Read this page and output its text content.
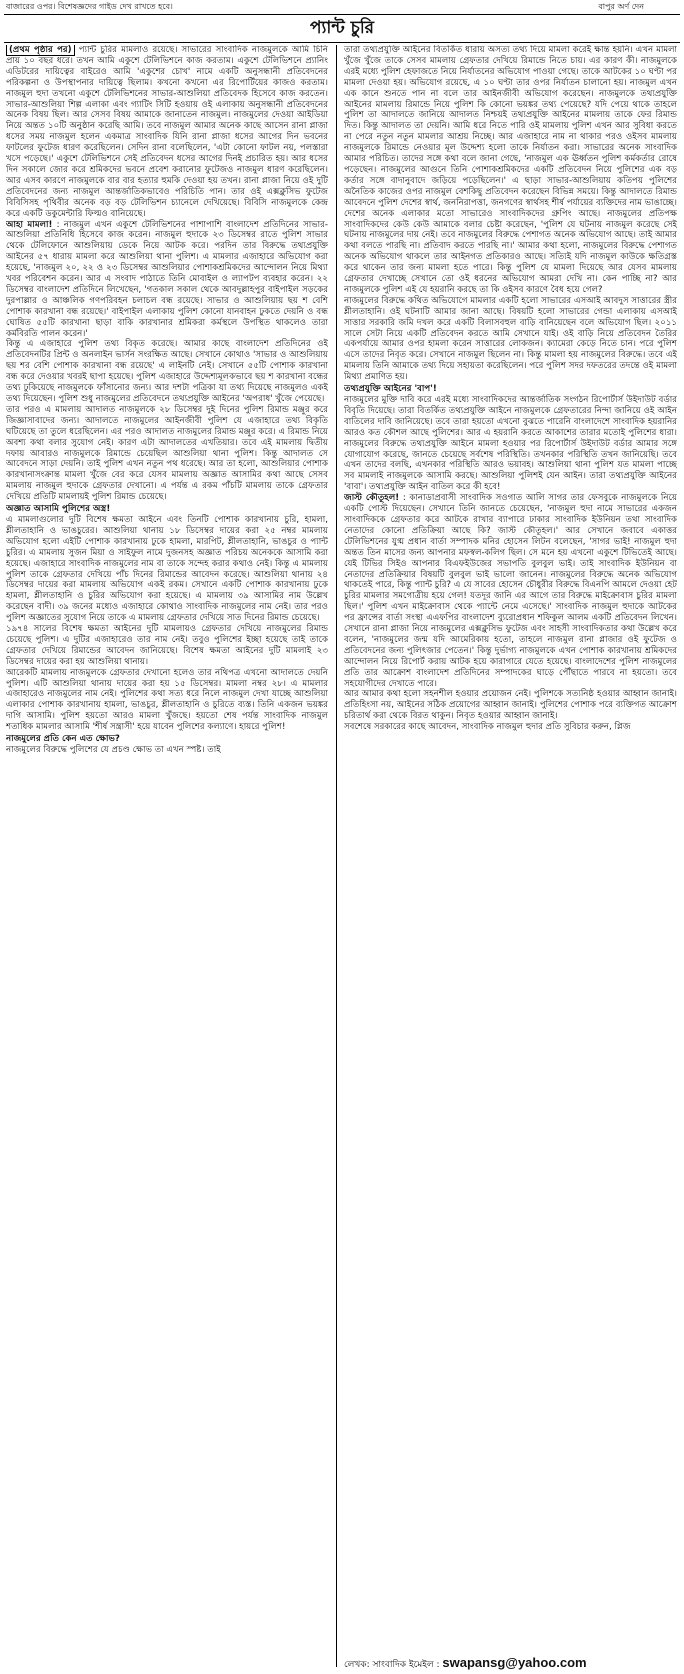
বাজারের ওপর। বিশেষজ্ঞদের গাইড দেখ রাখতে হবে।	বাপুর অর্ণ দেন
প্যান্ট চুরি

(প্রথম পৃষ্ঠার পর) প্যান্ট চুরির মামলাও রয়েছে। সাভারের সাংবাদিক নাজমুলকে আমি চিনি প্রায় ১০ বছর ধরে। তখন আমি একুশে টেলিভিশনে কাজ করতাম। একুশে টেলিভিশনে প্র্যানিং এডিটরের দায়িত্বের বাইরেও আমি 'একুশের চোখ' নামে একটি অনুসন্ধানী প্রতিবেদনের পরিকল্পনা ও উপস্থাপনার দায়িত্বে ছিলাম। কখনো কখনো এর রিপোর্টিয়ের কাজও করতাম। নাজমুল হুদা তখনো একুশে টেলিভিশনের সাভার-আশুলিয়া প্রতিবেদক হিসেবে কাজ করতেন। সাভার-আশুলিয়া শিল্প এলাকা এবং গ্যাটিং সিটি হওয়ায় ওই এলাকায় অনুসন্ধানী প্রতিবেদনের অনেক বিষয় ছিল। আর সেসব বিষয় আমাকে জানাতেন নাজমুল। নাজমুলের দেওয়া আইডিয়া নিয়ে অন্তত ১০টি অনুষ্ঠান করেছি আমি। তবে নাজমুল আমার অনেক কাছে আসেন রানা প্লাজা ধসের সময় নাজমুল হলেন একমাত্র সাংবাদিক যিনি রানা প্লাজা ধসের আগের দিন ভবনের ফাটলের ফুটেজ ধারণ করেছিলেন। সেদিন রানা বলেছিলেন, 'এটা কোনো ফাটল নয়, পলস্তারা খসে পড়েছে।' একুশে টেলিভিশনে সেই প্রতিবেদন ধসের আগের দিনই প্রচারিত হয়। আর ধসের দিন সকালে জোর করে শ্রমিকদের ভবনে প্রবেশ করানোর ফুটেজও নাজমুল ধারণ করেছিলেন। আর এসব কারণে নাজমুলকে বার বার হত্যার হুমকি দেওয়া হয় তখন। রানা প্লাজা নিয়ে ওই দুটি প্রতিবেদনের জন্য নাজমুল আন্তর্জাতিকভাবেও পরিচিতি পান। তার ওই এক্সক্লুসিভ ফুটেজ বিবিসিসহ পৃথিবীর অনেক বড় বড় টেলিভিশন চ্যানেলে দেখিয়েছে। বিবিসি নাজমুলকে কেন্দ্র করে একটি ডকুমেন্টারি ফিল্মও বানিয়েছে।

আহা মামলা! : নাজমুল এখন একুশে টেলিভিশনের পাশাপাশি বাংলাদেশ প্রতিদিনের সাভার-আশুলিয়া প্রতিনিধি হিসেবে কাজ করেন। নাজমুল হুদাকে ২৩ ডিসেম্বর রাতে পুলিশ সাভার থেকে টেলিফোনে আশুলিয়ায় ডেকে নিয়ে আটক করে। পরদিন তার বিরুদ্ধে তথ্যপ্রযুক্তি আইনের ৫৭ ধারায় মামলা করে আশুলিয়া থানা পুলিশ। এ মামলার এজাহারে অভিযোগ করা হয়েছে, 'নাজমুল ২০, ২২ ও ২৩ ডিসেম্বর আশুলিয়ার পোশাকশ্রমিকদের আন্দোলন নিয়ে মিথ্যা খবর পরিবেশন করেন। আর এ সংবাদ পাঠাতে তিনি মোবাইল ও ল্যাপটপ ব্যবহার করেন। ২২ ডিসেম্বর বাংলাদেশ প্রতিদিনে লিখেছেন, 'গতকাল সকাল থেকে আবদুল্লাহপুর বাইপাইল সড়কের দুরপাল্লার ও আঞ্চলিক গণপরিবহন চলাচল বন্ধ রয়েছে। সাভার ও আশুলিয়ায় ছয় শ বেশি পোশাক কারখানা বন্ধ রয়েছে।' বাইপাইল এলাকায় পুলিশ কোনো যানবাহন ঢুকতে দেয়নি ও বন্ধ ঘোষিত ৫৫টি কারখানা ছাড়া বাকি কারখানার শ্রমিকরা কর্মস্থলে উপস্থিত থাকলেও তারা কর্মবিরতি পালন করেন।'

কিন্তু এ এজাহারে পুলিশ তথ্য বিকৃত করেছে। আমার কাছে বাংলাদেশ প্রতিদিনের ওই প্রতিবেদনটির প্রিন্ট ও অনলাইন ভার্সন সংরক্ষিত আছে। সেখানে কোথাও 'সাভার ও আশুলিয়ায় ছয় শর বেশি পোশাক কারখানা বন্ধ রয়েছে' এ লাইনটি নেই। সেখানে ৫৫টি পোশাক কারখানা বন্ধ করে দেওয়ার খবরই ছাপা হয়েছে। পুলিশ এজাহারে উদ্দেশ্যমূলকভাবে ছয় শ কারখানা বন্ধের তথ্য ঢুকিয়েছে নাজমুলকে ফাঁসানোর জন্য। আর দশটা পত্রিকা যা তথ্য দিয়েছে নাজমুলও একই তথ্য দিয়েছেন। পুলিশ শুধু নাজমুলের প্রতিবেদনে তথ্যপ্রযুক্তি আইনের 'অপরাধ' খুঁজে পেয়েছে।

তার পরও এ মামলায় আদালত নাজমুলকে ২৮ ডিসেম্বর দুই দিনের পুলিশ রিমান্ড মঞ্জুর করে জিজ্ঞাসাবাদের জন্য। আদালতে নাজমুলের আইনজীবী পুলিশ যে এজাহারে তথ্য বিকৃতি ঘটিয়েছে তা তুলে ধরেছিলেন। এর পরও আদালত নাজমুলের রিমান্ড মঞ্জুর করে। এ রিমান্ড নিয়ে অবশ্য কথা বলার সুযোগ নেই। কারণ এটা আদালতের এখতিয়ার। তবে এই মামলায় দ্বিতীয় দফায় আবারও নাজমুলকে রিমান্ডে চেয়েছিল আশুলিয়া থানা পুলিশ। কিন্তু আদালত সে আবেদনে সাড়া দেয়নি। তাই পুলিশ এখন নতুন পথ ধরেছে। আর তা হলো, আশুলিয়ার পোশাক কারখানাসংক্রান্ত মামলা খুঁজে বের করে যেসব মামলায় অজ্ঞাত আসামির কথা আছে সেসব মামলায় নাজমুল হুদাকে গ্রেফতার দেখানো। এ পর্যন্ত এ রকম পাঁচটি মামলায় তাকে গ্রেফতার দেখিয়ে প্রতিটি মামলায়ই পুলিশ রিমান্ড চেয়েছে।

অজ্ঞাত আসামি পুলিশের অস্ত্র!

এ মামলাগুলোর দুটি বিশেষ ক্ষমতা আইনে এবং তিনটি পোশাক কারখানায় চুরি, হামলা, শ্লীলতাহানি ও ভাঙচুরের। আশুলিয়া থানায় ১৮ ডিসেম্বর দায়ের করা ২৫ নম্বর মামলায় অভিযোগ হলো এইটি পোশাক কারখানায় ঢুকে হামলা, মারপিট, শ্লীলতাহানি, ভাঙচুর ও প্যান্ট চুরির। এ মামলায় সুজন মিয়া ও সাইফুল নামে দুজনসহ অজ্ঞাত পরিচয় অনেককে আসামি করা হয়েছে। এজাহারে সাংবাদিক নাজমুলের নাম বা তাকে সন্দেহ করার কথাও নেই। কিন্তু এ মামলায় পুলিশ তাকে গ্রেফতার দেখিয়ে পাঁচ দিনের রিমান্ডের আবেদন করেছে। আশুলিয়া থানায় ২৪ ডিসেম্বর দায়ের করা মামলায় অভিযোগ একই রকম। সেখানে একটি পোশাক কারখানায় ঢুকে হামলা, শ্লীলতাহানি ও চুরির অভিযোগ করা হয়েছে। এ মামলায় ৩৯ আসামির নাম উল্লেখ করেছেন বাদী। ৩৯ জনের মধ্যেও এজাহারে কোথাও সাংবাদিক নাজমুলের নাম নেই। তার পরও পুলিশ অজ্ঞাতের সুযোগ নিয়ে তাকে এ মামলায় গ্রেফতার দেখিয়ে সাত দিনের রিমান্ড চেয়েছে।

১৯৭৪ সালের বিশেষ ক্ষমতা আইনের দুটি মামলায়ও গ্রেফতার দেখিয়ে নাজমুলের রিমান্ড চেয়েছে পুলিশ। এ দুটির এজাহারেও তার নাম নেই। তবুও পুলিশের ইচ্ছা হয়েছে তাই তাকে গ্রেফতার দেখিয়ে রিমান্ডের আবেদন জানিয়েছে। বিশেষ ক্ষমতা আইনের দুটি মামলাই ২৩ ডিসেম্বর দায়ের করা হয় আশুলিয়া থানায়।

আরেকটি মামলায় নাজমুলকে গ্রেফতার দেখানো হলেও তার নথিপত্র এখনো আদালতে দেয়নি পুলিশ। এটি আশুলিয়া থানায় দায়ের করা হয় ১৫ ডিসেম্বর। মামলা নম্বর ২৮। এ মামলার এজাহারেও নাজমুলের নাম নেই। পুলিশের কথা সত্য ধরে নিলে নাজমুল দেখা যাচ্ছে আশুলিয়া এলাকার পোশাক কারখানায় হামলা, ভাঙচুর, শ্লীলতাহানি ও চুরিতে ব্যস্ত। তিনি একজন ভয়ঙ্কর দাগি আসামি। পুলিশ হয়তো আরও মামলা খুঁজছে। হয়তো শেষ পর্যন্ত সাংবাদিক নাজমুল শতাধিক মামলার আসামি 'শীর্ষ সন্ত্রাসী' হয়ে যাবেন পুলিশের কল্যাণে। হায়রে পুলিশ!

নাজমুলের প্রতি কেন এত ক্ষোভ?

নাজমুলের বিরুদ্ধে পুলিশের যে প্রচণ্ড ক্ষোভ তা এখন স্পষ্ট। তাই

তারা তথ্যপ্রযুক্তি আইনের বিতর্কিত ধারায় অসত্য তথ্য দিয়ে মামলা করেই ক্ষান্ত হয়নি। এখন মামলা খুঁজে খুঁজে তাকে সেসব মামলায় গ্রেফতার দেখিয়ে রিমান্ডে নিতে চায়। এর কারণ কী। নাজমুলকে এরই মধ্যে পুলিশ হেফাজতে নিয়ে নির্যাতনের অভিযোগ পাওয়া গেছে। তাকে আটকের ১০ ঘণ্টা পর মামলা দেওয়া হয়। অভিযোগ রয়েছে, এ ১০ ঘণ্টা তার ওপর নির্যাতন চালানো হয়। নাজমুল এখন এক কানে শুনতে পান না বলে তার আইনজীবী অভিযোগ করেছেন। নাজমুলকে তথ্যপ্রযুক্তি আইনের মামলায় রিমান্ডে নিয়ে পুলিশ কি কোনো ভয়ঙ্কর তথ্য পেয়েছে? যদি পেয়ে থাকে তাহলে পুলিশ তা আদালতে জানিয়ে আদালত নিশ্চয়ই তথ্যপ্রযুক্তি আইনের মামলায় তাকে ফের রিমান্ড দিত। কিন্তু আদালত তা দেয়নি। আমি ধরে নিতে পারি ওই মামলায় পুলিশ এখন আর সুবিধা করতে না পেরে নতুন নতুন মামলার আশ্রয় নিচ্ছে। আর এজাহারে নাম না থাকার পরও ওইসব মামলায় নাজমুলকে রিমান্ডে নেওয়ার মূল উদ্দেশ্য হলো তাকে নির্যাতন করা। সাভারের অনেক সাংবাদিক আমার পরিচিত। তাদের সঙ্গে কথা বলে জানা গেছে, 'নাজমুল এক ঊর্ধ্বতন পুলিশ কর্মকর্তার রোষে পড়েছেন। নাজমুলের আগুনে তিনি পোশাকশ্রমিকদের একটি প্রতিবেদন নিয়ে পুলিশের এক বড় কর্তার সঙ্গে বাদানুবাদে জড়িয়ে পড়েছিলেন।' এ ছাড়া সাভার-আশুলিয়ায় কতিপয় পুলিশের অনৈতিক কাজের ওপর নাজমুল বেশকিছু প্রতিবেদন করেছেন বিভিন্ন সময়ে। কিন্তু আদালতে রিমান্ড আবেদনে পুলিশ দেশের স্বার্থ, জননিরাপত্তা, জনগণের স্বার্থসহ শীর্ষ পর্যায়ের ব্যক্তিদের নাম ভাঙাচ্ছে। দেশের অনেক এলাকার মতো সাভারেও সাংবাদিকদের গ্রুপিং আছে। নাজমুলের প্রতিপক্ষ সাংবাদিকদের কেউ কেউ আমাকে বলার চেষ্টা করেছেন, 'পুলিশ যে ঘটনায় নাজমুল করেছে সেই ঘটনায় নাজমুলের দায় নেই। তবে নাজমুলের বিরুদ্ধে পেশাগত অনেক অভিযোগ আছে। তাই আমার কথা বলতে পারছি না। প্রতিবাদ করতে পারছি না।' আমার কথা হলো, নাজমুলের বিরুদ্ধে পেশাগত অনেক অভিযোগ থাকলে তার আইনগত প্রতিকারও আছে। সত্যিই যদি নাজমুল কাউকে ক্ষতিগ্রস্ত করে থাকেন তার জন্য মামলা হতে পারে। কিন্তু পুলিশ যে মামলা দিয়েছে আর যেসব মামলায় গ্রেফতার দেখাচ্ছে সেখানে তো ওই ধরনের অভিযোগ আমরা দেখি না। কেন পাচ্ছি না? আর নাজমুলকে পুলিশ এই যে হয়রানি করছে তা কি ওইসব কারণে বৈধ হয়ে গেল?

নাজমুলের বিরুদ্ধে কথিত অভিযোগে মামলার একটি হলো সাভারের এসআই আবদুস সাত্তারের স্ত্রীর শ্লীলতাহানি। ওই ঘটনাটি আমার জানা আছে। বিষয়টি হলো সাভারের গেন্ডা এলাকায় এসআই সাত্তার সরকারি জমি দখল করে একটি বিলাসবহুল বাড়ি বানিয়েছেন বলে অভিযোগ ছিল। ২০১১ সালে সেটা নিয়ে একটি প্রতিবেদন করতে আমি সেখানে যাই। ওই বাড়ি নিয়ে প্রতিবেদন তৈরির একপর্যায়ে আমার ওপর হামলা করেন সাত্তারের লোকজন। ক্যামেরা কেড়ে নিতে চান। পরে পুলিশ এসে তাদের নিবৃত করে। সেখানে নাজমুল ছিলেন না। কিন্তু মামলা হয় নাজমুলের বিরুদ্ধে। তবে এই মামলায় তিনি আমাকে তথ্য দিয়ে সহায়তা করেছিলেন। পরে পুলিশ সদর দফতরের তদন্তে ওই মামলা মিথ্যা প্রমাণিত হয়।

তথ্যপ্রযুক্তি আইনের 'বাপ'!

নাজমুলের মুক্তি দাবি করে এরই মধ্যে সাংবাদিকদের আন্তর্জাতিক সংগঠন রিপোর্টার্স উইদাউট বর্ডার বিবৃতি দিয়েছে। তারা বিতর্কিত তথ্যপ্রযুক্তি আইনে নাজমুলকে গ্রেফতারের নিন্দা জানিয়ে ওই আইন বাতিলের দাবি জানিয়েছে। তবে তারা হয়তো এখনো বুঝতে পারেনি বাংলাদেশে সাংবাদিক হয়রানির আরও কত কৌশল আছে পুলিশের। আর এ হয়রানি করতে আকাশের তারার মতোই পুলিশের ধারা। নাজমুলের বিরুদ্ধে তথ্যপ্রযুক্তি আইনে মামলা হওয়ার পর রিপোর্টার্স উইদাউট বর্ডার আমার সঙ্গে যোগাযোগ করেছে, জানতে চেয়েছে সর্বশেষ পরিস্থিতি। তখনকার পরিস্থিতি তখন জানিয়েছি। তবে এখন তাদের বলছি, এখনকার পরিস্থিতি আরও ভয়াবহ। আশুলিয়া থানা পুলিশ যত মামলা পাচ্ছে সব মামলাই নাজমুলকে আসামি করছে। আশুলিয়া পুলিশই যেন আইন। তারা তথ্যপ্রযুক্তি আইনের 'বাবা'। তথ্যপ্রযুক্তি আইন বাতিল করে কী হবে!

জাস্ট কৌতূহল! : কানাডাপ্রবাসী সাংবাদিক সওগাত আলি সাগর তার ফেসবুকে নাজমুলকে নিয়ে একটি পোস্ট দিয়েছেন। সেখানে তিনি জানতে চেয়েছেন, 'নাজমুল হুদা নামে সাভারের একজন সাংবাদিককে গ্রেফতার করে আটকে রাখার ব্যাপারে ঢাকার সাংবাদিক ইউনিয়ন তথা সাংবাদিক নেতাদের কোনো প্রতিক্রিয়া আছে কি? জাস্ট কৌতূহল।' আর সেখানে জবাবে একাত্তর টেলিভিশনের যুগ্ম প্রধান বার্তা সম্পাদক মনির হোসেন লিটন বলেছেন, 'সাগর ভাই! নাজমুল হুদা অন্তত তিন মাসের জন্য আপনার মফস্বল-কলিগ ছিল। সে মনে হয় এখনো একুশে টিভিতেই আছে। যেই টিভির সিইও আপনার বিএফইউজের সভাপতি বুলবুল ভাই। তাই সাংবাদিক ইউনিয়ন বা নেতাদের প্রতিক্রিয়ার বিষয়টি বুলবুল ভাই ভালো জানেন। নাজমুলের বিরুদ্ধে অনেক অভিযোগ থাকতেই পারে, কিন্তু প্যান্ট চুরি? এ যে সাবের হোসেন চৌধুরীর বিরুদ্ধে বিএনপি আমলে দেওয়া হেট চুরির মামলার সমগোত্রীয় হয়ে গেল! যতদূর জানি এর আগে তার বিরুদ্ধে মাইক্রোবাস চুরির মামলা ছিল।' পুলিশ এখন মাইক্রোবাস থেকে প্যান্টে নেমে এসেছে।' সাংবাদিক নাজমুল হুদাকে আটকের পর ফ্রান্সের বার্তা সংস্থা এএফপির বাংলাদেশ ব্যুরোপ্রধান শফিকুল আলম একটি প্রতিবেদন লিখেন। সেখানে রানা প্লাজা নিয়ে নাজমুলের এক্সক্লুসিভ ফুটেজ এবং সাহসী সাংবাদিকতার কথা উল্লেখ করে বলেন, 'নাজমুলের জন্ম যদি আমেরিকায় হতো, তাহলে নাজমুল রানা প্লাজার ওই ফুটেজ ও প্রতিবেদনের জন্য পুলিৎজার পেতেন।' কিন্তু দুর্ভাগ্য নাজমুলকে এখন পোশাক কারখানায় শ্রমিকদের আন্দোলন নিয়ে রিপোর্ট করায় আটক হয়ে কারাগারে যেতে হয়েছে। বাংলাদেশের পুলিশ নাজমুলের প্রতি তার আক্রোশ বাংলাদেশ প্রতিদিনের সম্পাদকের ঘাড়ে পৌঁছাতে পারবে না হয়তো। তবে সহযোগীদের দেখাতে পারে।

আর আমার কথা হলো সহনশীল হওয়ার প্রয়োজন নেই। পুলিশকে সত্যনিষ্ঠ হওয়ার আহ্বান জানাই। প্রতিহিংসা নয়, আইনের সঠিক প্রয়োগের আহ্বান জানাই। পুলিশের পোশাক পরে ব্যক্তিগত আক্রোশ চরিতার্থ করা থেকে বিরত থাকুন। নিবৃত হওয়ার আহ্বান জানাই।

সবশেষে সরকারের কাছে আবেদন, সাংবাদিক নাজমুল হুদার প্রতি সুবিচার করুন, প্লিজ

লেখক: সাংবাদিক ইমেইল : swapansg@yahoo.com
